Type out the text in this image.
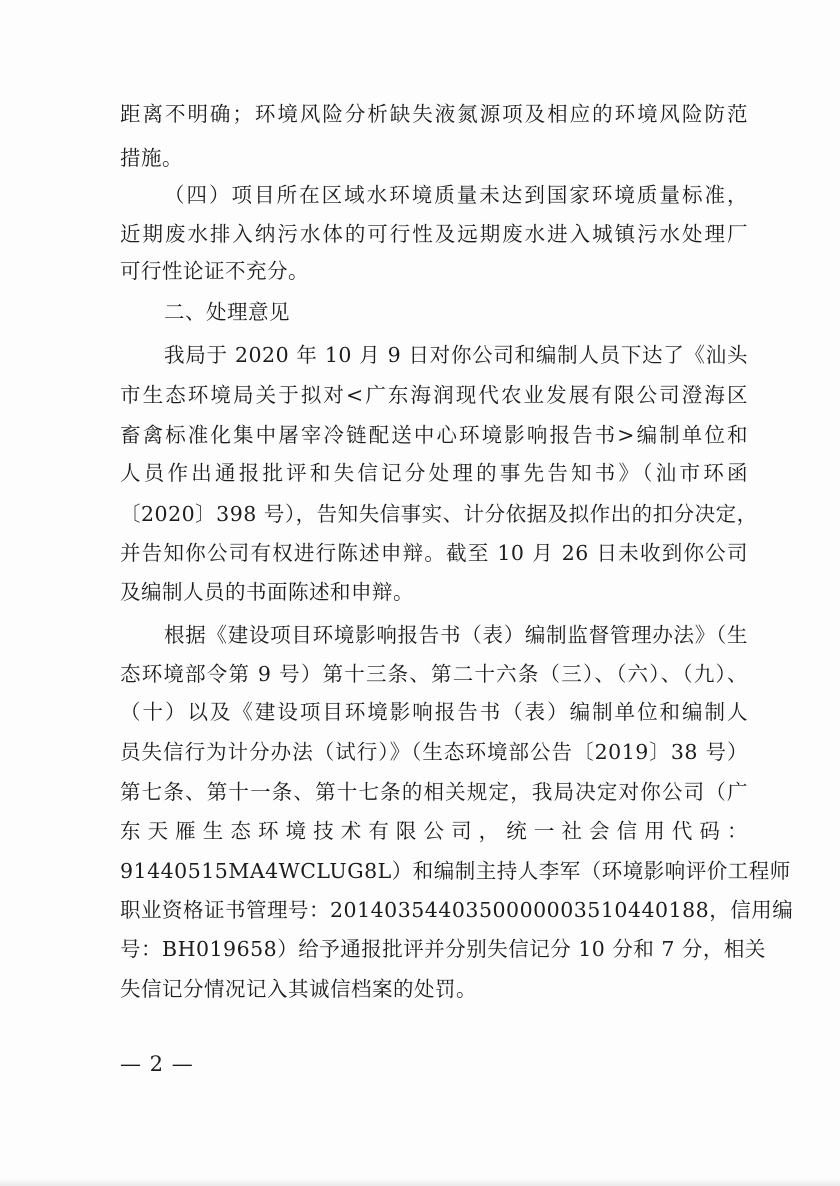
距离不明确；环境风险分析缺失液氮源项及相应的环境风险防范
措施。
（四）项目所在区域水环境质量未达到国家环境质量标准，
近期废水排入纳污水体的可行性及远期废水进入城镇污水处理厂
可行性论证不充分。
二、处理意见
我局于 2020 年 10 月 9 日对你公司和编制人员下达了《汕头
市生态环境局关于拟对<广东海润现代农业发展有限公司澄海区
畜禽标准化集中屠宰冷链配送中心环境影响报告书>编制单位和
人员作出通报批评和失信记分处理的事先告知书》（汕市环函
〔2020〕398 号），告知失信事实、计分依据及拟作出的扣分决定，
并告知你公司有权进行陈述申辩。截至 10 月 26 日未收到你公司
及编制人员的书面陈述和申辩。
根据《建设项目环境影响报告书（表）编制监督管理办法》（生
态环境部令第 9 号）第十三条、第二十六条（三）、（六）、（九）、
（十）以及《建设项目环境影响报告书（表）编制单位和编制人
员失信行为计分办法（试行）》（生态环境部公告〔2019〕38 号）
第七条、第十一条、第十七条的相关规定，我局决定对你公司（广
东天雁生态环境技术有限公司，统一社会信用代码：
91440515MA4WCLUG8L）和编制主持人李军（环境影响评价工程师
职业资格证书管理号：2014035440350000003510440188，信用编
号：BH019658）给予通报批评并分别失信记分 10 分和 7 分，相关
失信记分情况记入其诚信档案的处罚。
— 2 —
